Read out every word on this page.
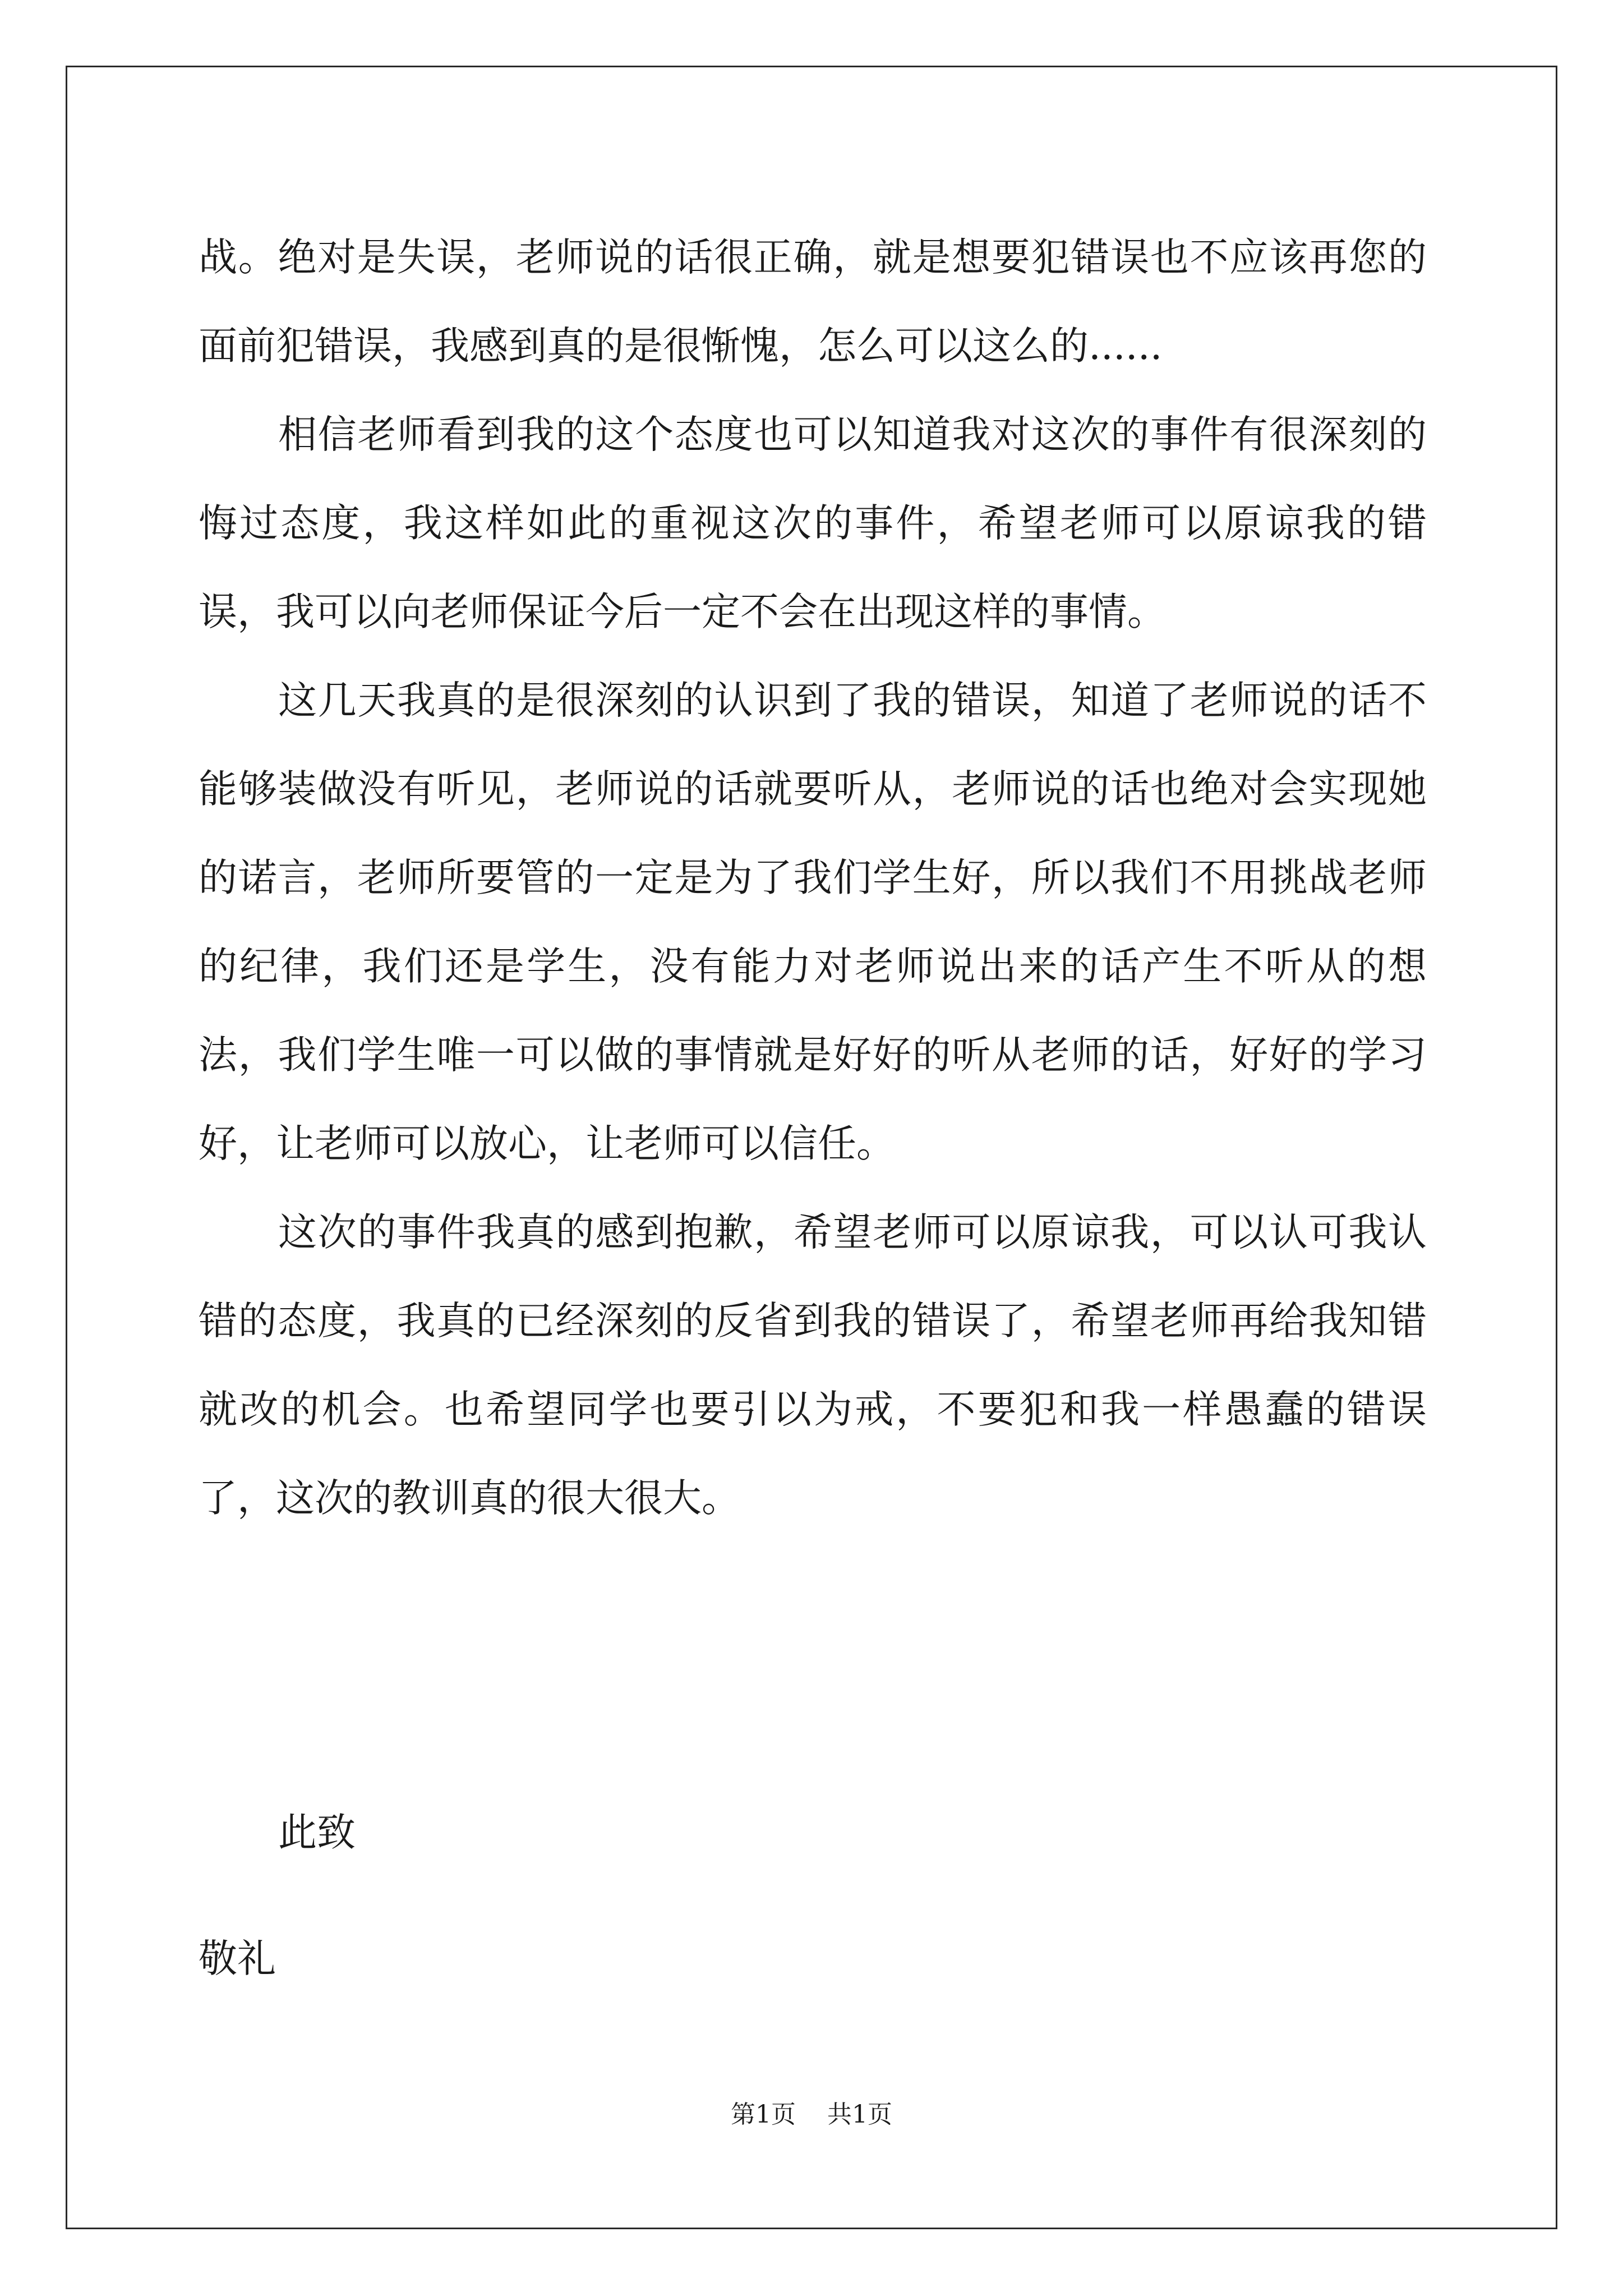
战。绝对是失误，老师说的话很正确，就是想要犯错误也不应该再您的面前犯错误，我感到真的是很惭愧，怎么可以这么的......

相信老师看到我的这个态度也可以知道我对这次的事件有很深刻的悔过态度，我这样如此的重视这次的事件，希望老师可以原谅我的错误，我可以向老师保证今后一定不会在出现这样的事情。

这几天我真的是很深刻的认识到了我的错误，知道了老师说的话不能够装做没有听见，老师说的话就要听从，老师说的话也绝对会实现她的诺言，老师所要管的一定是为了我们学生好，所以我们不用挑战老师的纪律，我们还是学生，没有能力对老师说出来的话产生不听从的想法，我们学生唯一可以做的事情就是好好的听从老师的话，好好的学习好，让老师可以放心，让老师可以信任。

这次的事件我真的感到抱歉，希望老师可以原谅我，可以认可我认错的态度，我真的已经深刻的反省到我的错误了，希望老师再给我知错就改的机会。也希望同学也要引以为戒，不要犯和我一样愚蠢的错误了，这次的教训真的很大很大。

此致
敬礼
第1页    共1页
